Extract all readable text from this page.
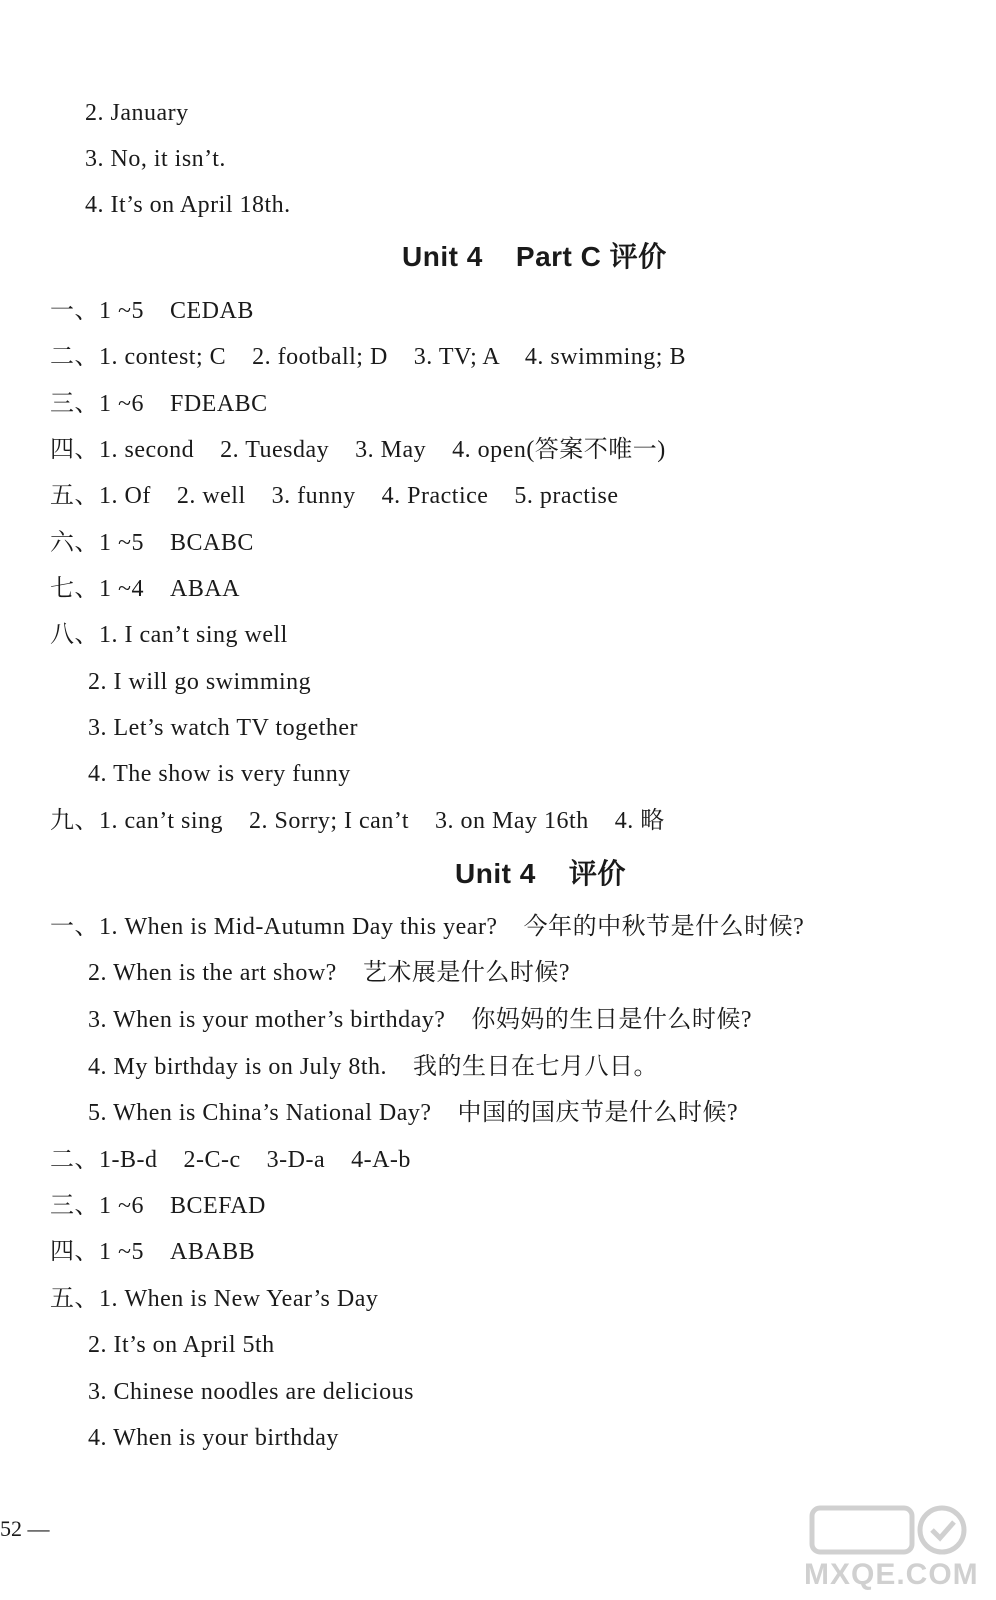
2. January
3. No, it isn’t.
4. It’s on April 18th.
Unit 4    Part C 评价
一、1 ~5    CEDAB
二、1. contest; C    2. football; D    3. TV; A    4. swimming; B
三、1 ~6    FDEABC
四、1. second    2. Tuesday    3. May    4. open(答案不唯一)
五、1. Of    2. well    3. funny    4. Practice    5. practise
六、1 ~5    BCABC
七、1 ~4    ABAA
八、1. I can’t sing well
2. I will go swimming
3. Let’s watch TV together
4. The show is very funny
九、1. can’t sing    2. Sorry; I can’t    3. on May 16th    4. 略
Unit 4    评价
一、1. When is Mid-Autumn Day this year?    今年的中秋节是什么时候?
2. When is the art show?    艺术展是什么时候?
3. When is your mother’s birthday?    你妈妈的生日是什么时候?
4. My birthday is on July 8th.    我的生日在七月八日。
5. When is China’s National Day?    中国的国庆节是什么时候?
二、1-B-d    2-C-c    3-D-a    4-A-b
三、1 ~6    BCEFAD
四、1 ~5    ABABB
五、1. When is New Year’s Day
2. It’s on April 5th
3. Chinese noodles are delicious
4. When is your birthday
52 —
MXQE.COM
